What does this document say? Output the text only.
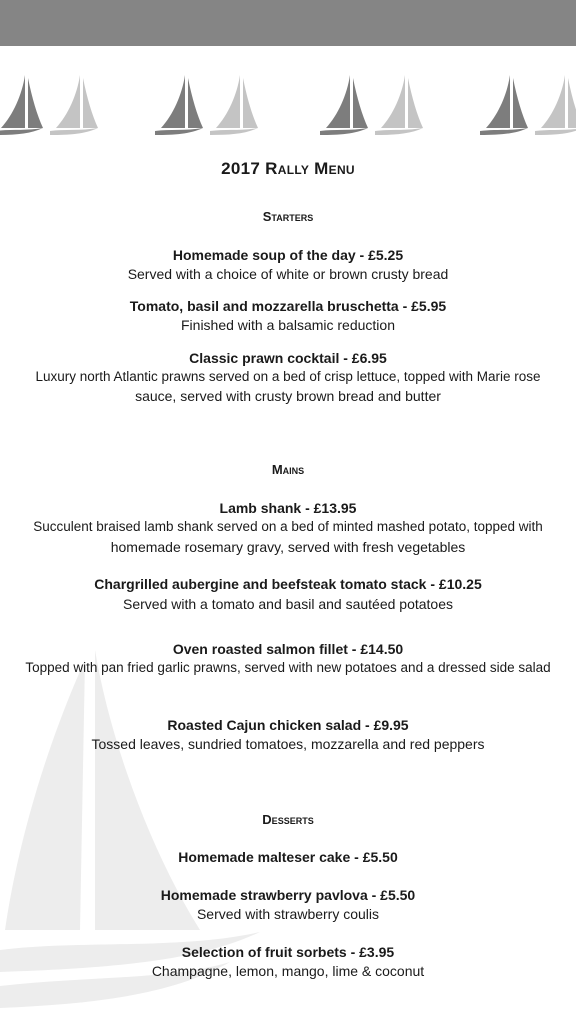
2017 Rally Menu
Starters
Homemade soup of the day - £5.25
Served with a choice of white or brown crusty bread
Tomato, basil and mozzarella bruschetta - £5.95
Finished with a balsamic reduction
Classic prawn cocktail - £6.95
Luxury north Atlantic prawns served on a bed of crisp lettuce, topped with Marie rose
sauce, served with crusty brown bread and butter
Mains
Lamb shank - £13.95
Succulent braised lamb shank served on a bed of minted mashed potato, topped with
homemade rosemary gravy, served with fresh vegetables
Chargrilled aubergine and beefsteak tomato stack - £10.25
Served with a tomato and basil and sautéed potatoes
Oven roasted salmon fillet - £14.50
Topped with pan fried garlic prawns, served with new potatoes and a dressed side salad
Roasted Cajun chicken salad - £9.95
Tossed leaves, sundried tomatoes, mozzarella and red peppers
Desserts
Homemade malteser cake - £5.50
Homemade strawberry pavlova - £5.50
Served with strawberry coulis
Selection of fruit sorbets - £3.95
Champagne, lemon, mango, lime & coconut
